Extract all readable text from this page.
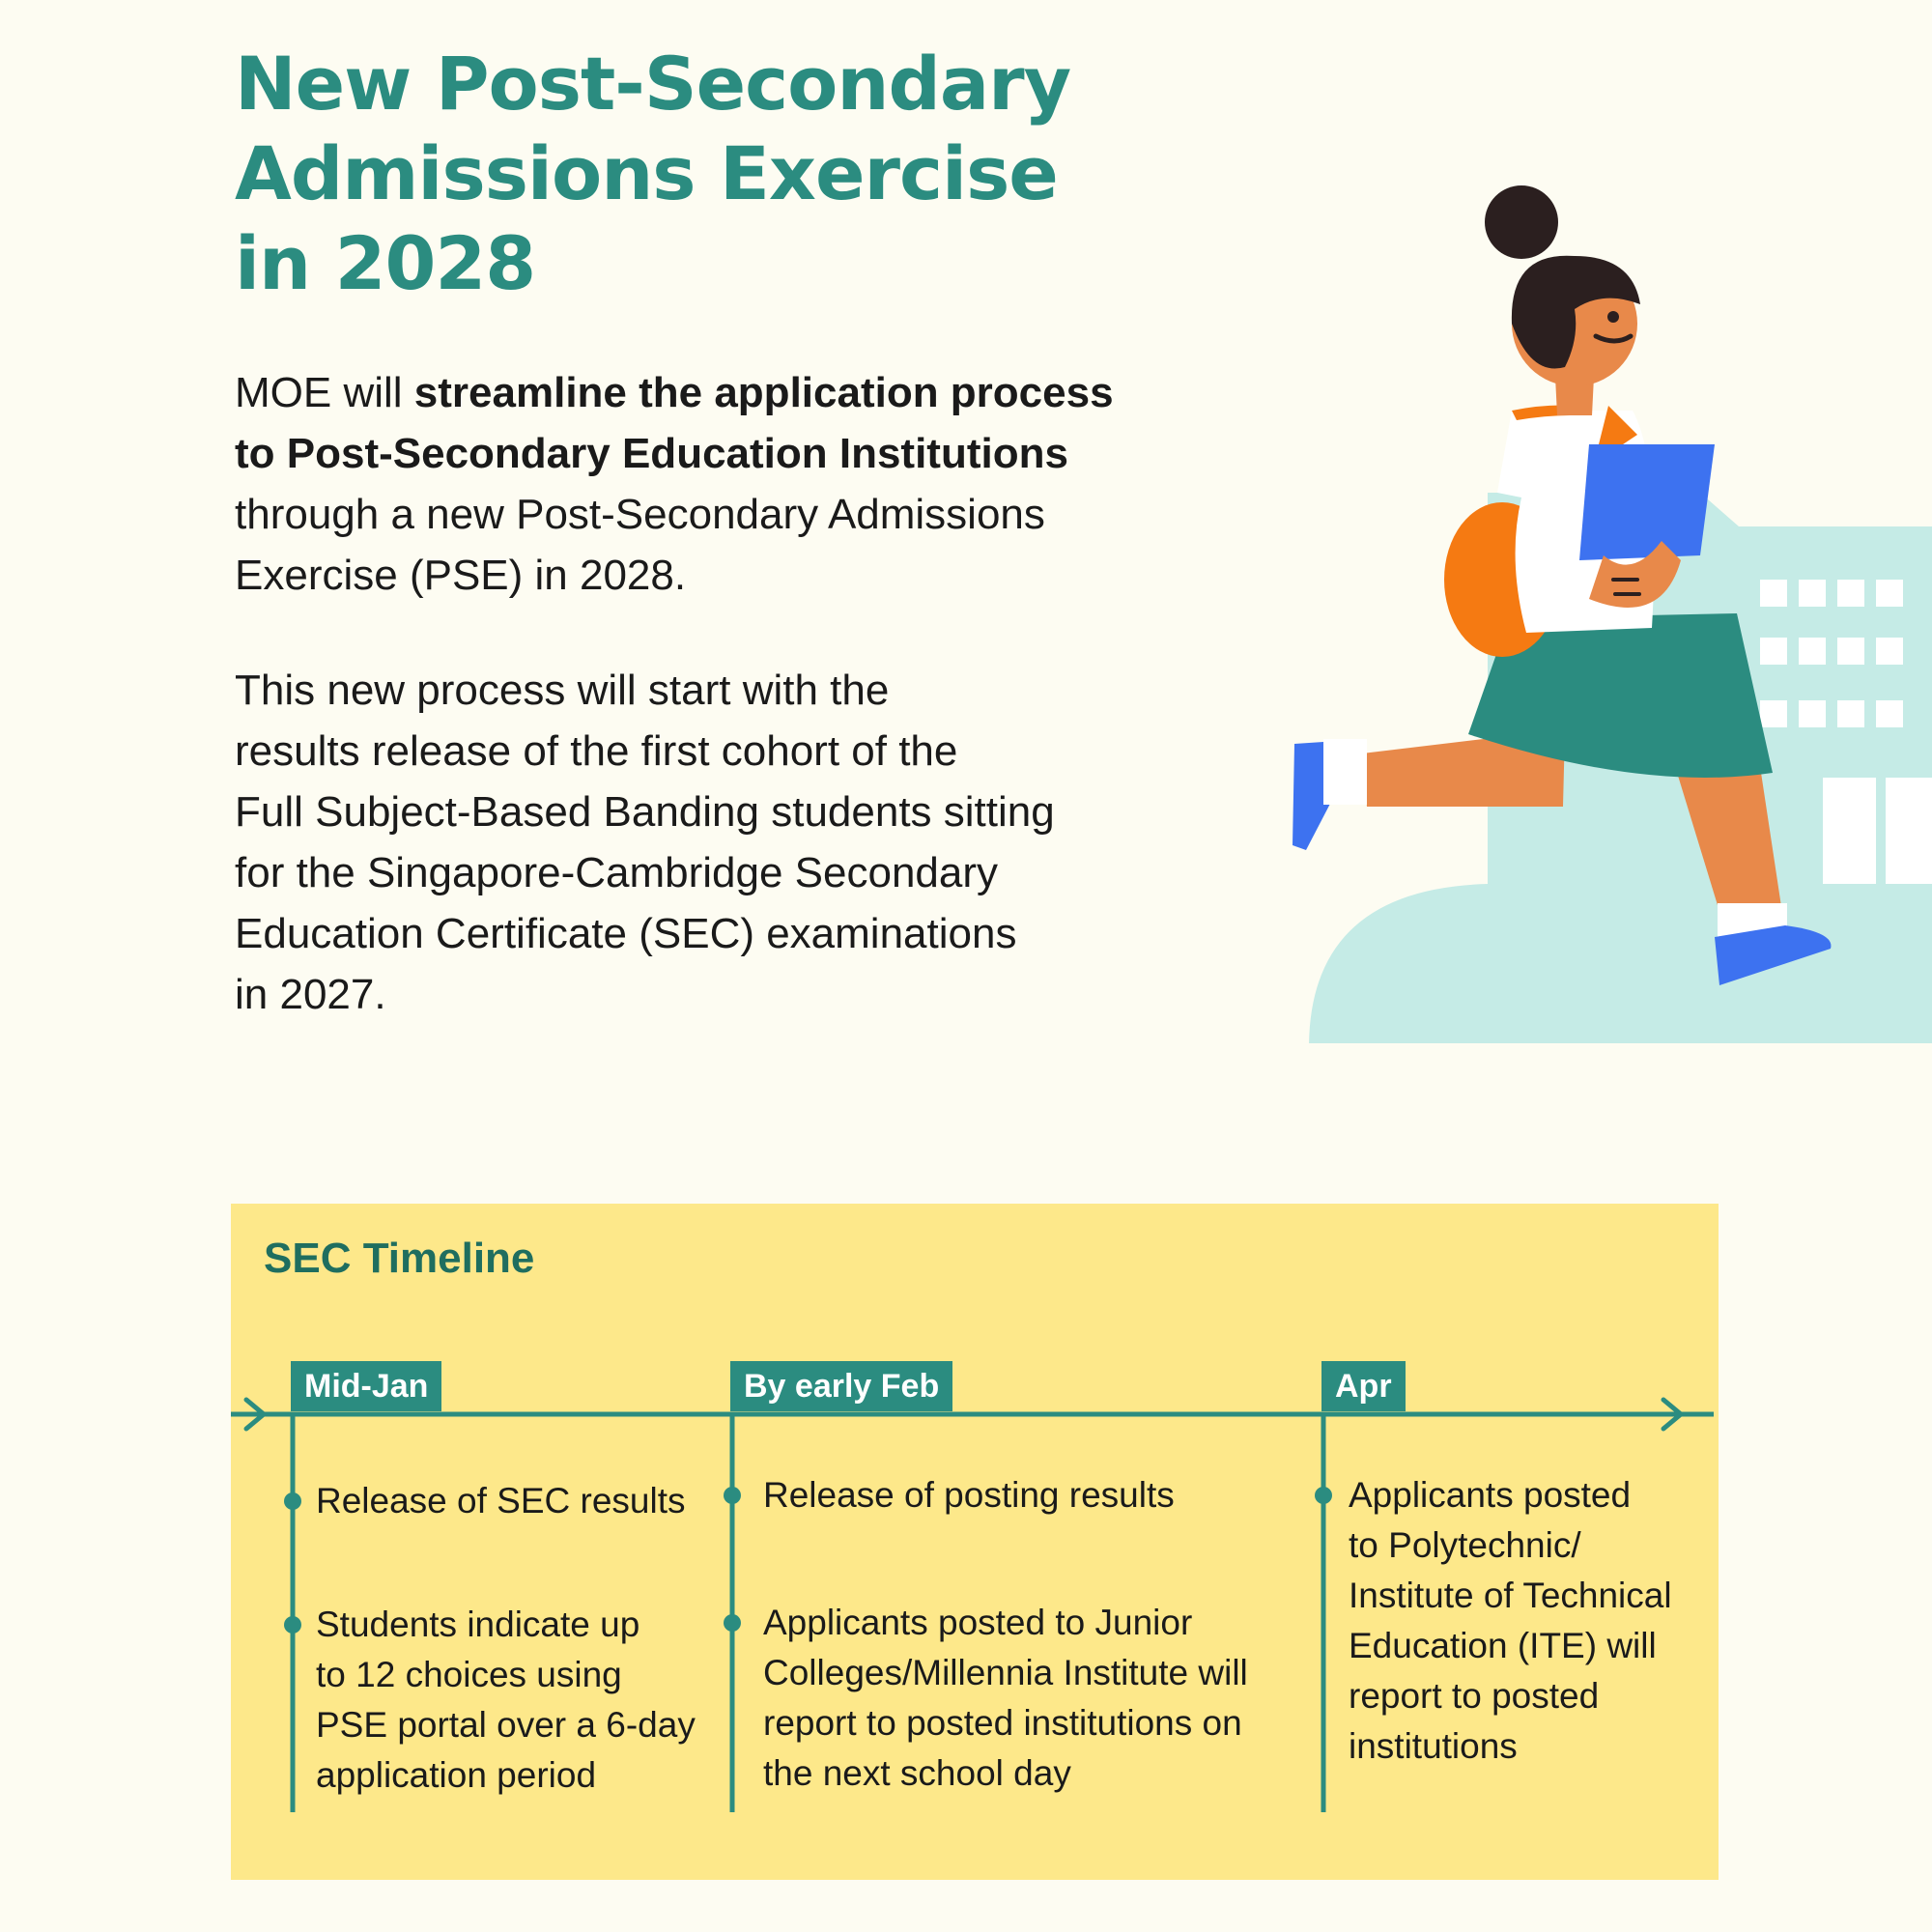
New Post-Secondary
Admissions Exercise
in 2028

MOE will streamline the application process
to Post-Secondary Education Institutions
through a new Post-Secondary Admissions
Exercise (PSE) in 2028.

This new process will start with the
results release of the first cohort of the
Full Subject-Based Banding students sitting
for the Singapore-Cambridge Secondary
Education Certificate (SEC) examinations
in 2027.

SEC Timeline
Mid-Jan	By early Feb	Apr
Release of SEC results
Students indicate up
to 12 choices using
PSE portal over a 6-day
application period
Release of posting results
Applicants posted to Junior
Colleges/Millennia Institute will
report to posted institutions on
the next school day
Applicants posted
to Polytechnic/
Institute of Technical
Education (ITE) will
report to posted
institutions
